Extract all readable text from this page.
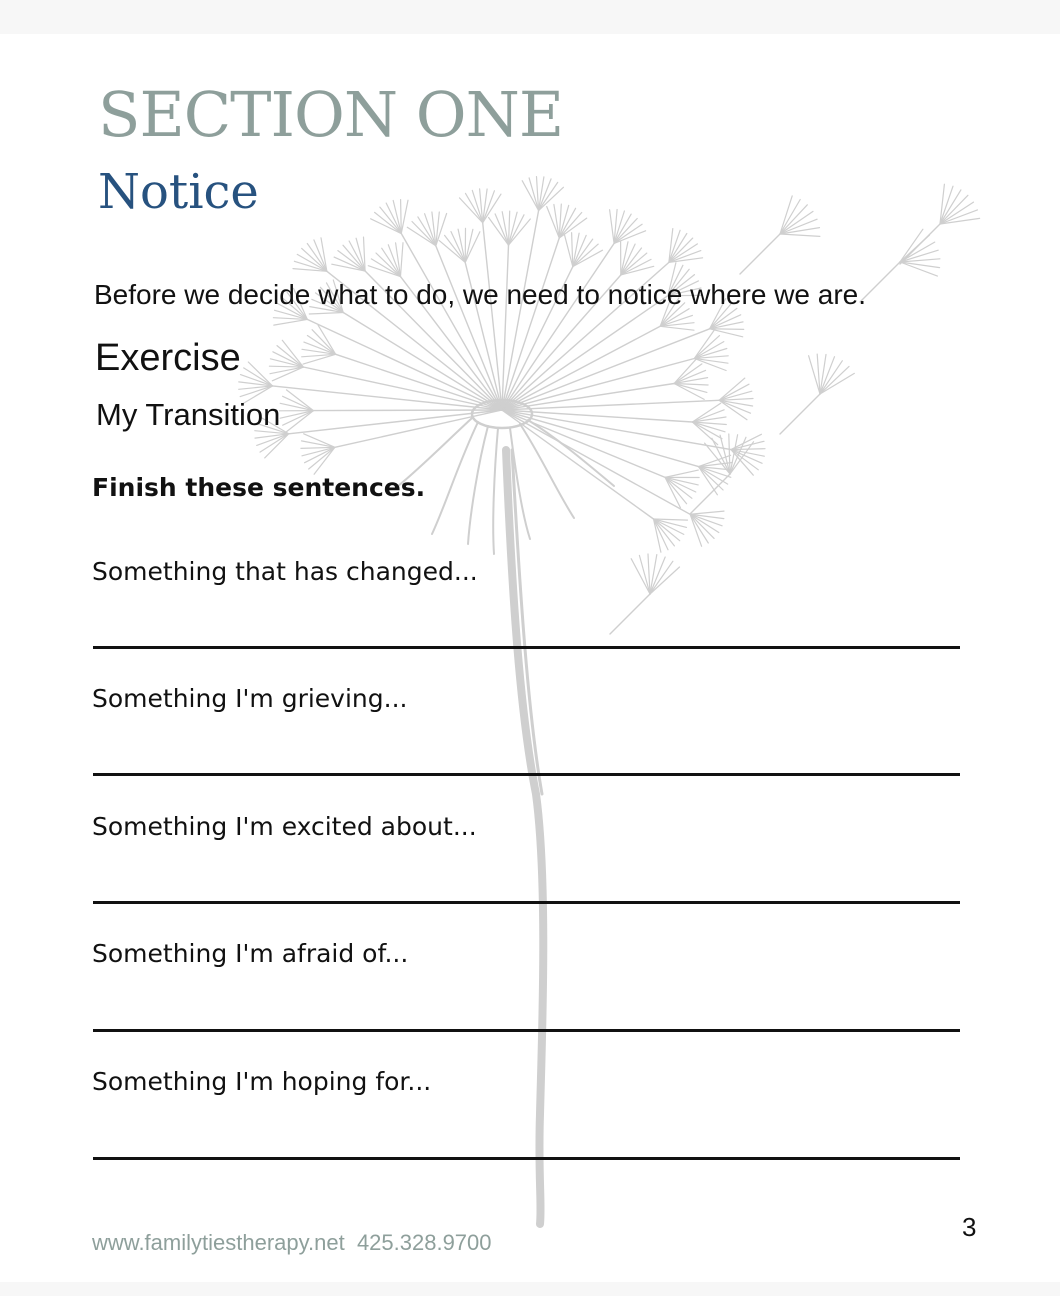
SECTION ONE
Notice

Before we decide what to do, we need to notice where we are.

Exercise
My Transition

Finish these sentences.

Something that has changed...

Something I'm grieving...

Something I'm excited about...

Something I'm afraid of...

Something I'm hoping for...

www.familytiestherapy.net 425.328.9700

3
